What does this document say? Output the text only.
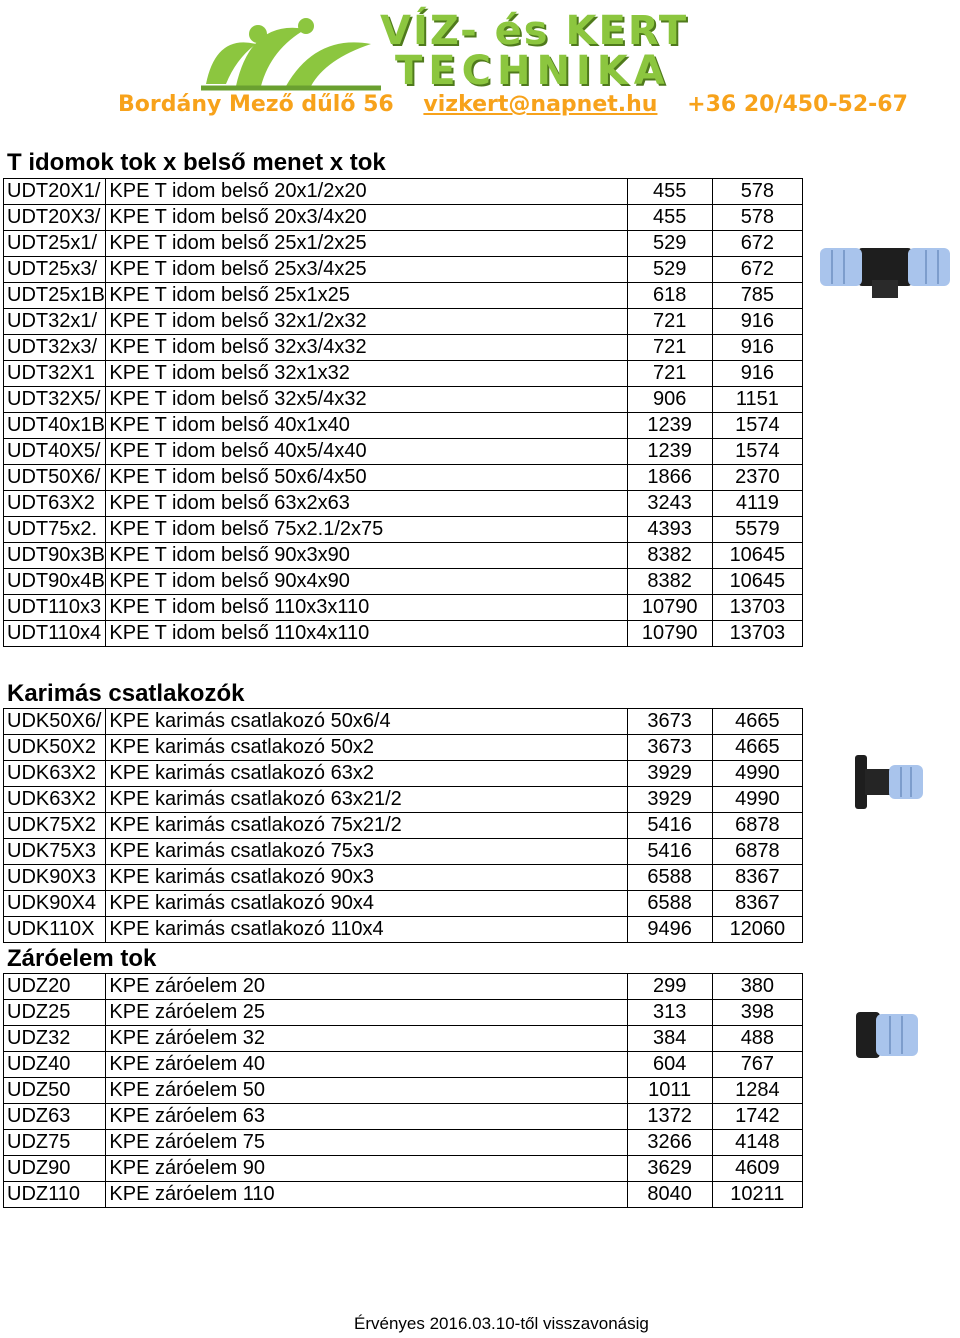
VÍZ- és KERT
TECHNIKA
Bordány Mező dűlő 56 vizkert@napnet.hu +36 20/450-52-67
T idomok tok x belső menet x tok
UDT20X1/	KPE T idom belső 20x1/2x20	455	578
UDT20X3/	KPE T idom belső 20x3/4x20	455	578
UDT25x1/	KPE T idom belső 25x1/2x25	529	672
UDT25x3/	KPE T idom belső 25x3/4x25	529	672
UDT25x1B	KPE T idom belső 25x1x25	618	785
UDT32x1/	KPE T idom belső 32x1/2x32	721	916
UDT32x3/	KPE T idom belső 32x3/4x32	721	916
UDT32X1	KPE T idom belső 32x1x32	721	916
UDT32X5/	KPE T idom belső 32x5/4x32	906	1151
UDT40x1B	KPE T idom belső 40x1x40	1239	1574
UDT40X5/	KPE T idom belső 40x5/4x40	1239	1574
UDT50X6/	KPE T idom belső 50x6/4x50	1866	2370
UDT63X2	KPE T idom belső 63x2x63	3243	4119
UDT75x2.	KPE T idom belső 75x2.1/2x75	4393	5579
UDT90x3B	KPE T idom belső 90x3x90	8382	10645
UDT90x4B	KPE T idom belső 90x4x90	8382	10645
UDT110x3	KPE T idom belső 110x3x110	10790	13703
UDT110x4	KPE T idom belső 110x4x110	10790	13703
Karimás csatlakozók
UDK50X6/	KPE karimás csatlakozó 50x6/4	3673	4665
UDK50X2	KPE karimás csatlakozó 50x2	3673	4665
UDK63X2	KPE karimás csatlakozó 63x2	3929	4990
UDK63X2	KPE karimás csatlakozó 63x21/2	3929	4990
UDK75X2	KPE karimás csatlakozó 75x21/2	5416	6878
UDK75X3	KPE karimás csatlakozó 75x3	5416	6878
UDK90X3	KPE karimás csatlakozó 90x3	6588	8367
UDK90X4	KPE karimás csatlakozó 90x4	6588	8367
UDK110X	KPE karimás csatlakozó 110x4	9496	12060
Záróelem tok
UDZ20	KPE záróelem 20	299	380
UDZ25	KPE záróelem 25	313	398
UDZ32	KPE záróelem 32	384	488
UDZ40	KPE záróelem 40	604	767
UDZ50	KPE záróelem 50	1011	1284
UDZ63	KPE záróelem 63	1372	1742
UDZ75	KPE záróelem 75	3266	4148
UDZ90	KPE záróelem 90	3629	4609
UDZ110	KPE záróelem 110	8040	10211
Érvényes 2016.03.10-től visszavonásig
